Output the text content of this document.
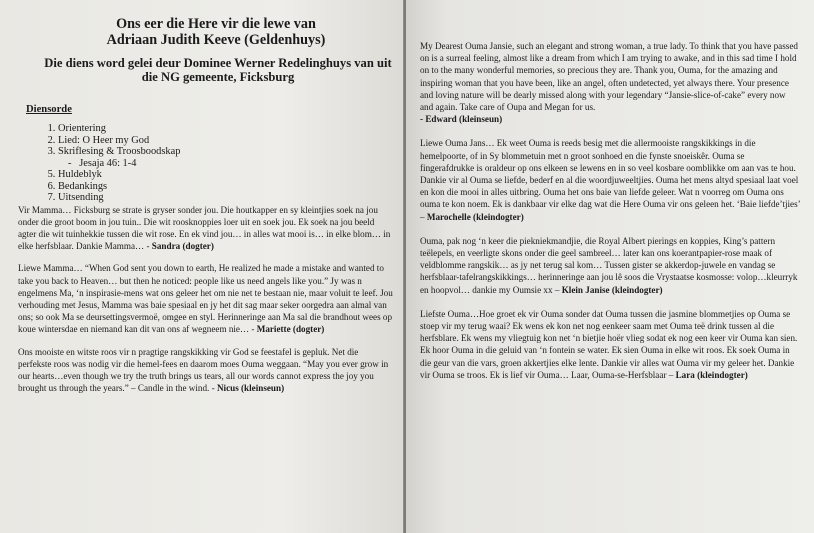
Ons eer die Here vir die lewe van
Adriaan Judith Keeve (Geldenhuys)

Die diens word gelei deur Dominee Werner Redelinghuys van uit die NG gemeente, Ficksburg

Diensorde
1. Orientering
2. Lied: O Heer my God
3. Skriflesing & Troosboodskap
-   Jesaja 46: 1-4
5. Huldeblyk
6. Bedankings
7. Uitsending

Vir Mamma… Ficksburg se strate is gryser sonder jou. Die houtkapper en sy kleintjies soek na jou onder die groot boom in jou tuin.. Die wit roosknoppies loer uit en soek jou. Ek soek na jou beeld agter die wit tuinhekkie tussen die wit rose. En ek vind jou… in alles wat mooi is… in elke blom… in elke herfsblaar. Dankie Mamma… - Sandra (dogter)

Liewe Mamma… “When God sent you down to earth, He realized he made a mistake and wanted to take you back to Heaven… but then he noticed: people like us need angels like you.” Jy was n engelmens Ma, ‘n inspirasie-mens wat ons geleer het om nie net te bestaan nie, maar voluit te leef. Jou verhouding met Jesus, Mamma was baie spesiaal en jy het dit sag maar seker oorgedra aan almal van ons; so ook Ma se deursettingsvermoë, omgee en styl. Herinneringe aan Ma sal die brandhout wees op koue wintersdae en niemand kan dit van ons af wegneem nie… - Mariette (dogter)

Ons mooiste en witste roos vir n pragtige rangskikking vir God se feestafel is gepluk. Net die perfekste roos was nodig vir die hemel-fees en daarom moes Ouma weggaan. “May you ever grow in our hearts…even though we try the truth brings us tears, all our words cannot express the joy you brought us through the years.” – Candle in the wind. - Nicus (kleinseun)

My Dearest Ouma Jansie, such an elegant and strong woman, a true lady. To think that you have passed on is a surreal feeling, almost like a dream from which I am trying to awake, and in this sad time I hold on to the many wonderful memories, so precious they are. Thank you, Ouma, for the amazing and inspiring woman that you have been, like an angel, often undetected, yet always there. Your presence and loving nature will be dearly missed along with your legendary “Jansie-slice-of-cake” every now and again. Take care of Oupa and Megan for us.
- Edward (kleinseun)

Liewe Ouma Jans… Ek weet Ouma is reeds besig met die allermooiste rangskikkings in die hemelpoorte, of in Sy blommetuin met n groot sonhoed en die fynste snoeiskêr. Ouma se fingerafdrukke is oraldeur op ons elkeen se lewens en in so veel kosbare oomblikke om aan vas te hou. Dankie vir al Ouma se liefde, bederf en al die woordjuweeltjies. Ouma het mens altyd spesiaal laat voel en kon die mooi in alles uitbring. Ouma het ons baie van liefde geleer. Wat n voorreg om Ouma ons ouma te kon noem. Ek is dankbaar vir elke dag wat die Here Ouma vir ons geleen het. ‘Baie liefde’tjies’ – Marochelle (kleindogter)

Ouma, pak nog ‘n keer die piekniekmandjie, die Royal Albert pierings en koppies, King’s pattern teëlepels, en veerligte skons onder die geel sambreel… later kan ons koerantpapier-rose maak of veldblomme rangskik… as jy net terug sal kom… Tussen gister se akkerdop-juwele en vandag se herfsblaar-tafelrangskikkings… herinneringe aan jou lê soos die Vrystaatse kosmosse: volop…kleurryk en hoopvol… dankie my Oumsie xx – Klein Janise (kleindogter)

Liefste Ouma…Hoe groet ek vir Ouma sonder dat Ouma tussen die jasmine blommetjies op Ouma se stoep vir my terug waai? Ek wens ek kon net nog eenkeer saam met Ouma teë drink tussen al die herfsblare. Ek wens my vliegtuig kon net ‘n bietjie hoër vlieg sodat ek nog een keer vir Ouma kan sien. Ek hoor Ouma in die geluid van ‘n fontein se water. Ek sien Ouma in elke wit roos. Ek soek Ouma in die geur van die vars, groen akkertjies elke lente. Dankie vir alles wat Ouma vir my geleer het. Dankie vir Ouma se troos. Ek is lief vir Ouma… Laar, Ouma-se-Herfsblaar – Lara (kleindogter)
